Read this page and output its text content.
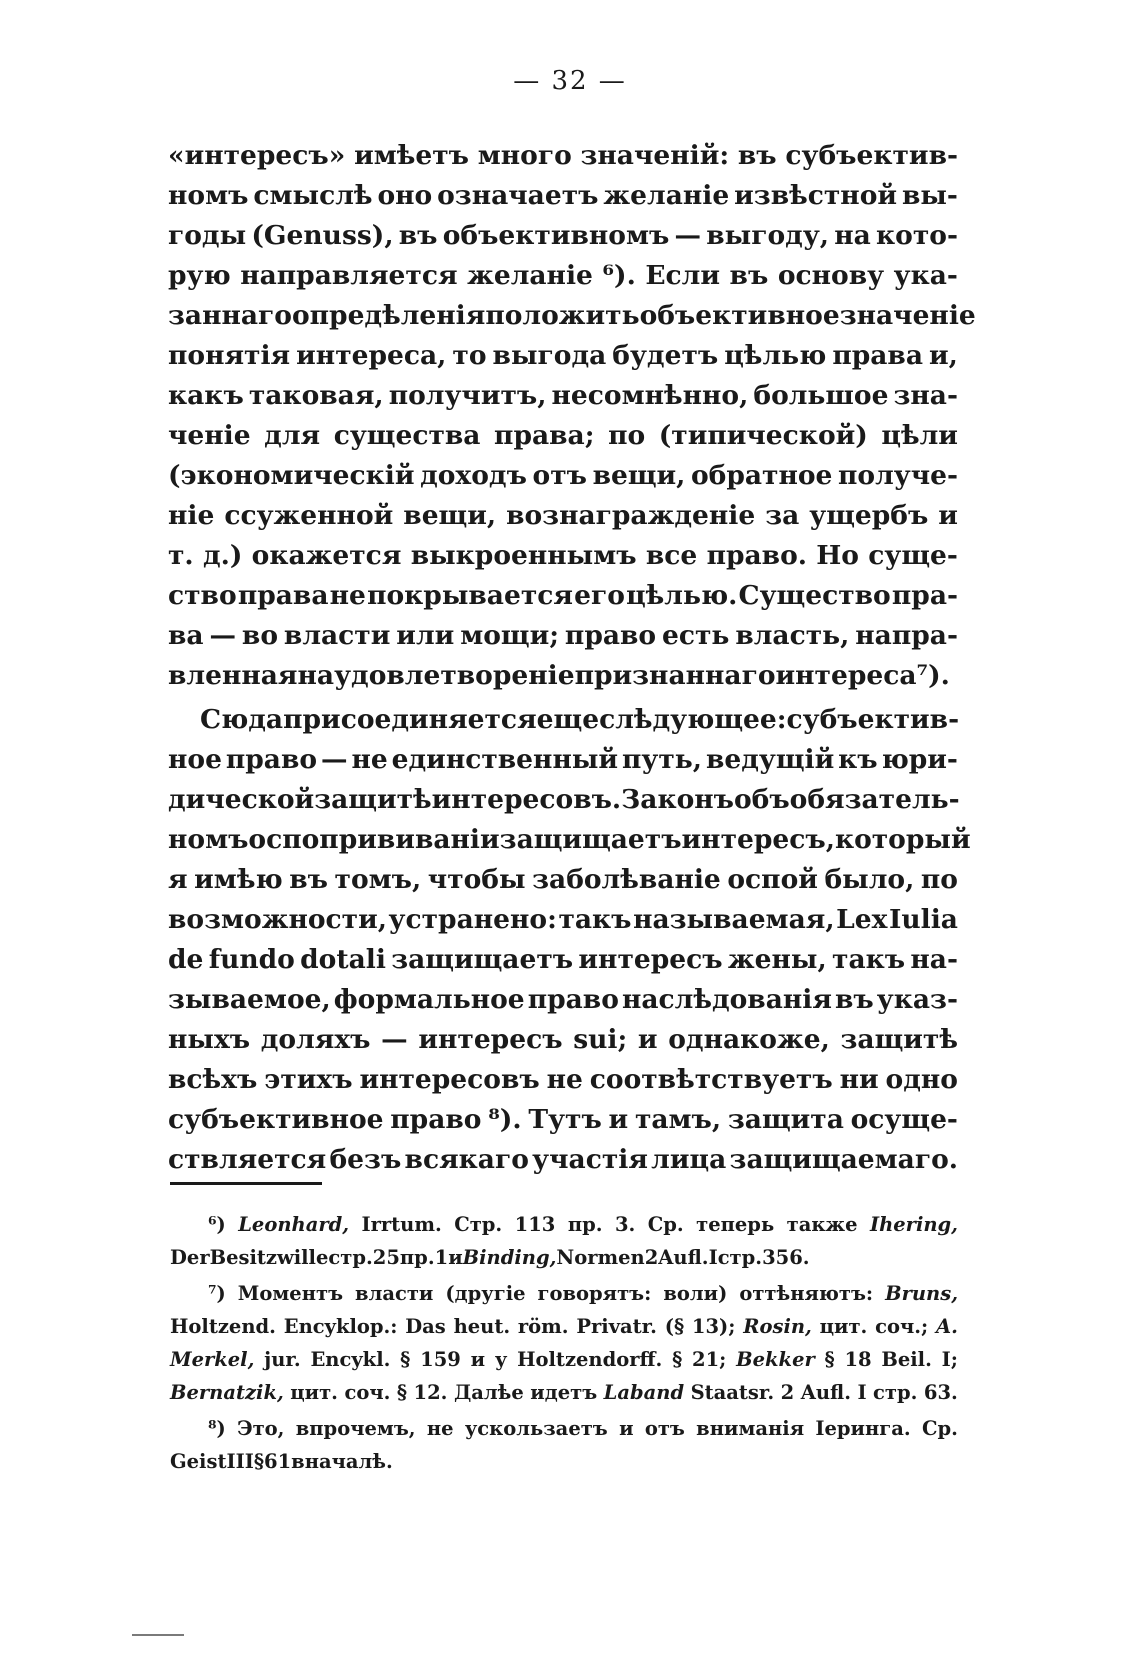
— 32 —
«интересъ» имѣетъ много значеній: въ субъектив-
номъ смыслѣ оно означаетъ желаніе извѣстной вы-
годы (Genuss), въ объективномъ — выгоду, на кото-
рую направляется желаніе ⁶). Если въ основу ука-
заннаго опредѣленія положить объективное значеніе
понятія интереса, то выгода будетъ цѣлью права и,
какъ таковая, получитъ, несомнѣнно, большое зна-
ченіе для существа права; по (типической) цѣли
(экономическій доходъ отъ вещи, обратное получе-
ніе ссуженной вещи, вознагражденіе за ущербъ и
т. д.) окажется выкроеннымъ все право. Но суще-
ство права не покрывается его цѣлью. Существо пра-
ва — во власти или мощи; право есть власть, напра-
вленная на удовлетвореніе признаннаго интереса ⁷).
Сюда присоединяется еще слѣдующее: субъектив-
ное право — не единственный путь, ведущій къ юри-
дической защитѣ интересовъ. Законъ объ обязатель-
номъ оспопрививаніи защищаетъ интересъ, который
я имѣю въ томъ, чтобы заболѣваніе оспой было, по
возможности, устранено: такъ называемая, Lex Iulia
de fundo dotali защищаетъ интересъ жены, такъ на-
зываемое, формальное право наслѣдованія въ указ-
ныхъ доляхъ — интересъ sui; и однакоже, защитѣ
всѣхъ этихъ интересовъ не соотвѣтствуетъ ни одно
субъективное право ⁸). Тутъ и тамъ, защита осуще-
ствляется безъ всякаго участія лица защищаемаго.
⁶) Leonhard, Irrtum. Стр. 113 пр. 3. Ср. теперь также Ihering,
Der Besitzwille стр. 25 пр. 1 и Binding, Normen 2 Aufl. I стр. 356.
⁷) Моментъ власти (другіе говорятъ: воли) оттѣняютъ: Bruns,
Holtzend. Encyklop.: Das heut. röm. Privatr. (§ 13); Rosin, цит. соч.; A.
Merkel, jur. Encykl. § 159 и у Holtzendorff. § 21; Bekker § 18 Beil. I;
Bernatzik, цит. соч. § 12. Далѣе идетъ Laband Staatsr. 2 Aufl. I стр. 63.
⁸) Это, впрочемъ, не ускользаетъ и отъ вниманія Іеринга. Ср.
Geist III § 61 вначалѣ.
